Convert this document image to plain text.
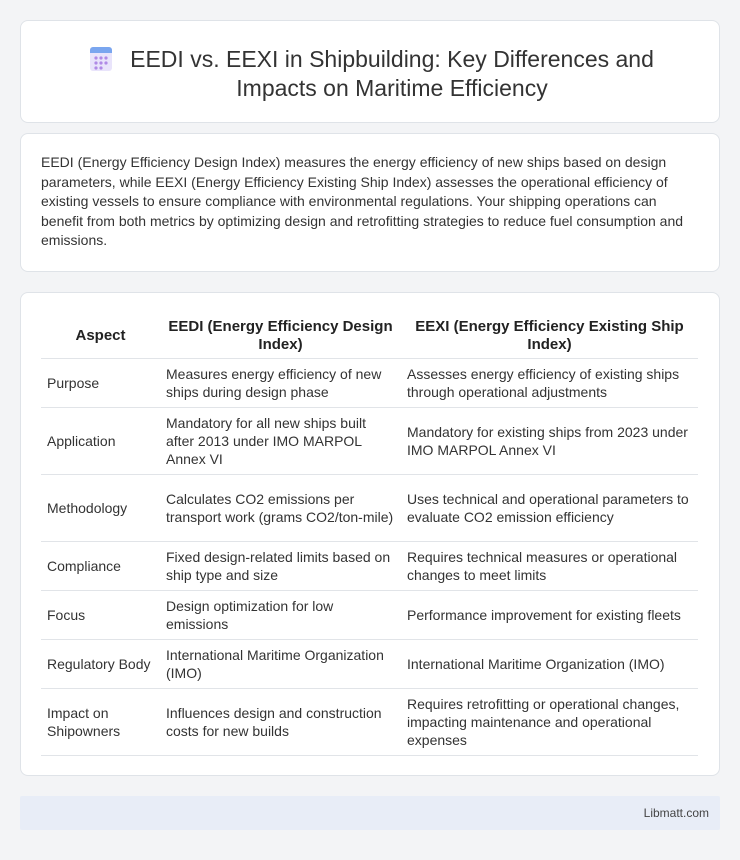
EEDI vs. EEXI in Shipbuilding: Key Differences and
Impacts on Maritime Efficiency

EEDI (Energy Efficiency Design Index) measures the energy efficiency of new ships based on design parameters, while EEXI (Energy Efficiency Existing Ship Index) assesses the operational efficiency of existing vessels to ensure compliance with environmental regulations. Your shipping operations can benefit from both metrics by optimizing design and retrofitting strategies to reduce fuel consumption and emissions.

Aspect	EEDI (Energy Efficiency Design Index)	EEXI (Energy Efficiency Existing Ship Index)
Purpose	Measures energy efficiency of new ships during design phase	Assesses energy efficiency of existing ships through operational adjustments
Application	Mandatory for all new ships built after 2013 under IMO MARPOL Annex VI	Mandatory for existing ships from 2023 under IMO MARPOL Annex VI
Methodology	Calculates CO2 emissions per transport work (grams CO2/ton-mile)	Uses technical and operational parameters to evaluate CO2 emission efficiency
Compliance	Fixed design-related limits based on ship type and size	Requires technical measures or operational changes to meet limits
Focus	Design optimization for low emissions	Performance improvement for existing fleets
Regulatory Body	International Maritime Organization (IMO)	International Maritime Organization (IMO)
Impact on Shipowners	Influences design and construction costs for new builds	Requires retrofitting or operational changes, impacting maintenance and operational expenses
Libmatt.com
